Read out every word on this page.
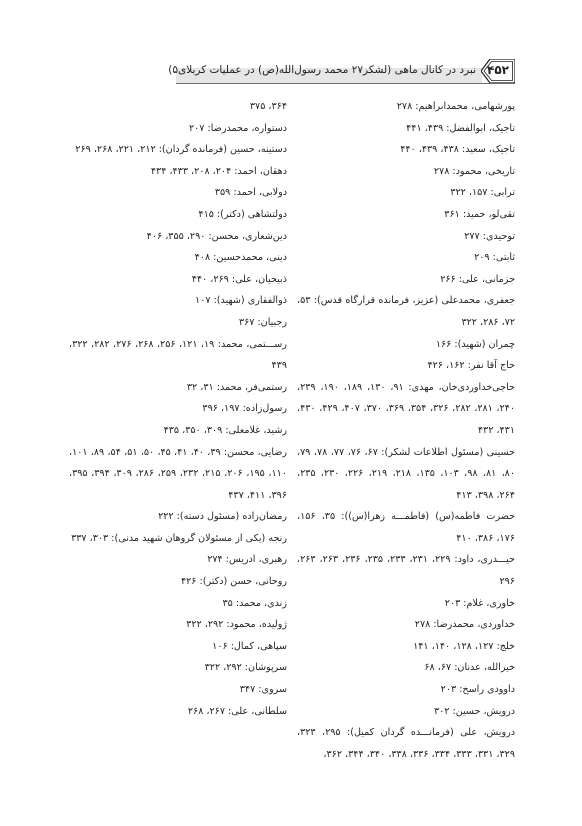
نبرد در کانال ماهی (لشکر۲۷ محمد رسول‌الله(ص) در عملیات کربلای۵) ۴۵۲
پورشهامی، محمدابراهیم: ۲۷۸
تاجیک، ابوالفضل: ۴۳۹، ۴۴۱
تاجیک، سعید: ۴۳۸، ۴۳۹، ۴۴۰
تاریخی، محمود: ۲۷۸
ترابی: ۱۵۷، ۳۲۲
تقی‌لو، حمید: ۳۶۱
توحیدی: ۲۷۷
ثابتی: ۲۰۹
جزمانی، علی: ۲۶۶
جعفری، محمدعلی (عزیز، فرمانده قرارگاه قدس): ۵۳، ۷۲، ۲۸۶، ۳۲۲
چمران (شهید): ۱۶۶
حاج آقا نفر: ۱۶۲، ۴۲۶
حاجی‌خداوردی‌خان، مهدی: ۹۱، ۱۳۰، ۱۸۹، ۱۹۰، ۲۳۹، ۲۴۰، ۲۸۱، ۲۸۲، ۳۲۶، ۳۵۴، ۳۶۹، ۳۷۰، ۴۰۷، ۴۲۹، ۴۳۰، ۴۳۱، ۴۳۲
حسینی (مسئول اطلاعات لشکر): ۶۷، ۷۶، ۷۷، ۷۸، ۷۹، ۸۰، ۸۱، ۹۸، ۱۰۳، ۱۳۵، ۲۱۸، ۲۱۹، ۲۲۶، ۲۳۰، ۲۳۵، ۲۶۴، ۳۹۸، ۴۱۳
حضرت فاطمه(س) (فاطمـــه زهرا(س)): ۳۵، ۱۵۶، ۱۷۶، ۳۸۶، ۴۱۰
حیـــدری، داود: ۲۲۹، ۲۳۱، ۲۳۳، ۲۳۵، ۲۳۶، ۲۶۳، ۲۶۳، ۲۹۶
خاوری، غلام: ۲۰۳
خداوردی، محمدرضا: ۲۷۸
خلج: ۱۲۷، ۱۲۸، ۱۴۰، ۱۴۱
خیرالله، عدنان: ۶۷، ۶۸
داوودی راسخ: ۲۰۳
درویش، حسین: ۳۰۲
درویش، علی (فرمانـــده گردان کمیل): ۲۹۵، ۳۲۳، ۳۲۹، ۳۳۱، ۳۳۳، ۳۳۴، ۳۳۶، ۳۳۸، ۳۴۰، ۳۴۴، ۳۶۲،
۳۶۴، ۳۷۵
دستواره، محمدرضا: ۲۰۷
دستینه، حسین (فرمانده گردان): ۲۱۲، ۲۲۱، ۲۶۸، ۲۶۹
دهقان، احمد: ۲۰۴، ۲۰۸، ۴۳۳، ۴۳۴
دولابی، احمد: ۳۵۹
دولتشاهی (دکتر): ۴۱۵
دین‌شعاری، محسن: ۲۹۰، ۳۵۵، ۴۰۶
دینی، محمدحسین: ۴۰۸
ذبیحیان، علی: ۲۶۹، ۴۴۰
ذوالفقاری (شهید): ۱۰۷
رجبیان: ۳۶۷
رســـتمی، محمد: ۱۹، ۱۲۱، ۲۵۶، ۲۶۸، ۲۷۶، ۲۸۲، ۳۲۲، ۴۳۹
رستمی‌فر، محمد: ۳۱، ۳۲
رسول‌زاده: ۱۹۷، ۳۹۶
رشید، غلامعلی: ۳۰۹، ۳۵۰، ۴۳۵
رضایی، محسن: ۳۹، ۴۰، ۴۱، ۴۵، ۵۰، ۵۱، ۵۴، ۸۹، ۱۰۱، ۱۱۰، ۱۹۵، ۲۰۶، ۲۱۵، ۲۳۲، ۲۵۹، ۲۸۶، ۳۰۹، ۳۹۴، ۳۹۵، ۳۹۶، ۴۱۱، ۴۳۷
رمضان‌زاده (مسئول دسته): ۲۲۲
رنجه (یکی از مسئولان گروهان شهید مدنی): ۳۰۳، ۳۳۷
رهبری، ادریس: ۲۷۴
روحانی، حسن (دکتر): ۴۲۶
زندی، محمد: ۳۵
ژولیده، محمود: ۲۹۲، ۳۲۲
سپاهی، کمال: ۱۰۶
سرپوشان: ۲۹۲، ۳۲۲
سروی: ۳۴۷
سلطانی، علی: ۲۶۷، ۲۶۸
